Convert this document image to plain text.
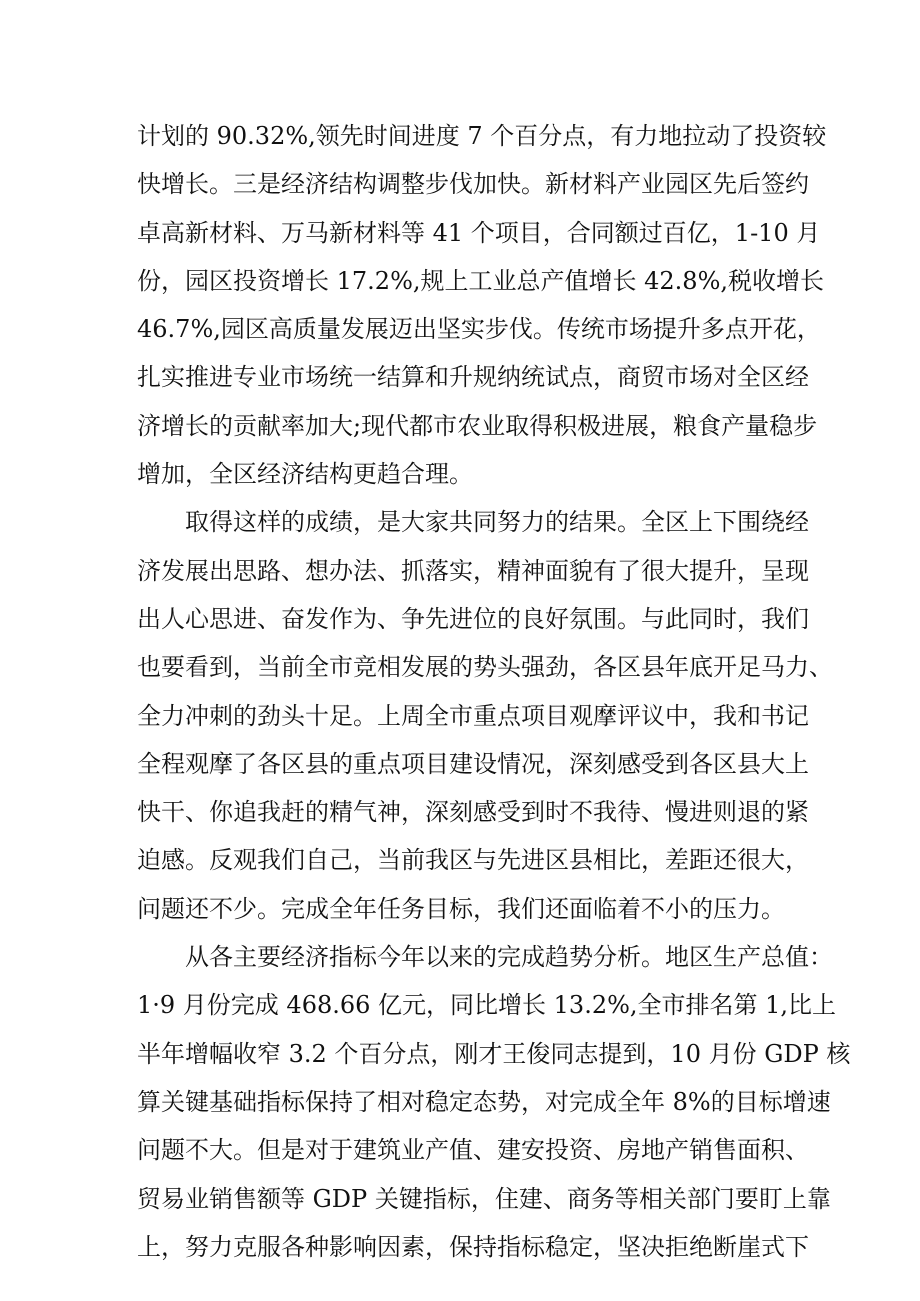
计划的 90.32%,领先时间进度 7 个百分点，有力地拉动了投资较
快增长。三是经济结构调整步伐加快。新材料产业园区先后签约
卓高新材料、万马新材料等 41 个项目，合同额过百亿，1-10 月
份，园区投资增长 17.2%,规上工业总产值增长 42.8%,税收增长
46.7%,园区高质量发展迈出坚实步伐。传统市场提升多点开花，
扎实推进专业市场统一结算和升规纳统试点，商贸市场对全区经
济增长的贡献率加大;现代都市农业取得积极进展，粮食产量稳步
增加，全区经济结构更趋合理。
取得这样的成绩，是大家共同努力的结果。全区上下围绕经
济发展出思路、想办法、抓落实，精神面貌有了很大提升，呈现
出人心思进、奋发作为、争先进位的良好氛围。与此同时，我们
也要看到，当前全市竞相发展的势头强劲，各区县年底开足马力、
全力冲刺的劲头十足。上周全市重点项目观摩评议中，我和书记
全程观摩了各区县的重点项目建设情况，深刻感受到各区县大上
快干、你追我赶的精气神，深刻感受到时不我待、慢进则退的紧
迫感。反观我们自己，当前我区与先进区县相比，差距还很大，
问题还不少。完成全年任务目标，我们还面临着不小的压力。
从各主要经济指标今年以来的完成趋势分析。地区生产总值：
1·9 月份完成 468.66 亿元，同比增长 13.2%,全市排名第 1,比上
半年增幅收窄 3.2 个百分点，刚才王俊同志提到，10 月份 GDP 核
算关键基础指标保持了相对稳定态势，对完成全年 8%的目标增速
问题不大。但是对于建筑业产值、建安投资、房地产销售面积、
贸易业销售额等 GDP 关键指标，住建、商务等相关部门要盯上靠
上，努力克服各种影响因素，保持指标稳定，坚决拒绝断崖式下
